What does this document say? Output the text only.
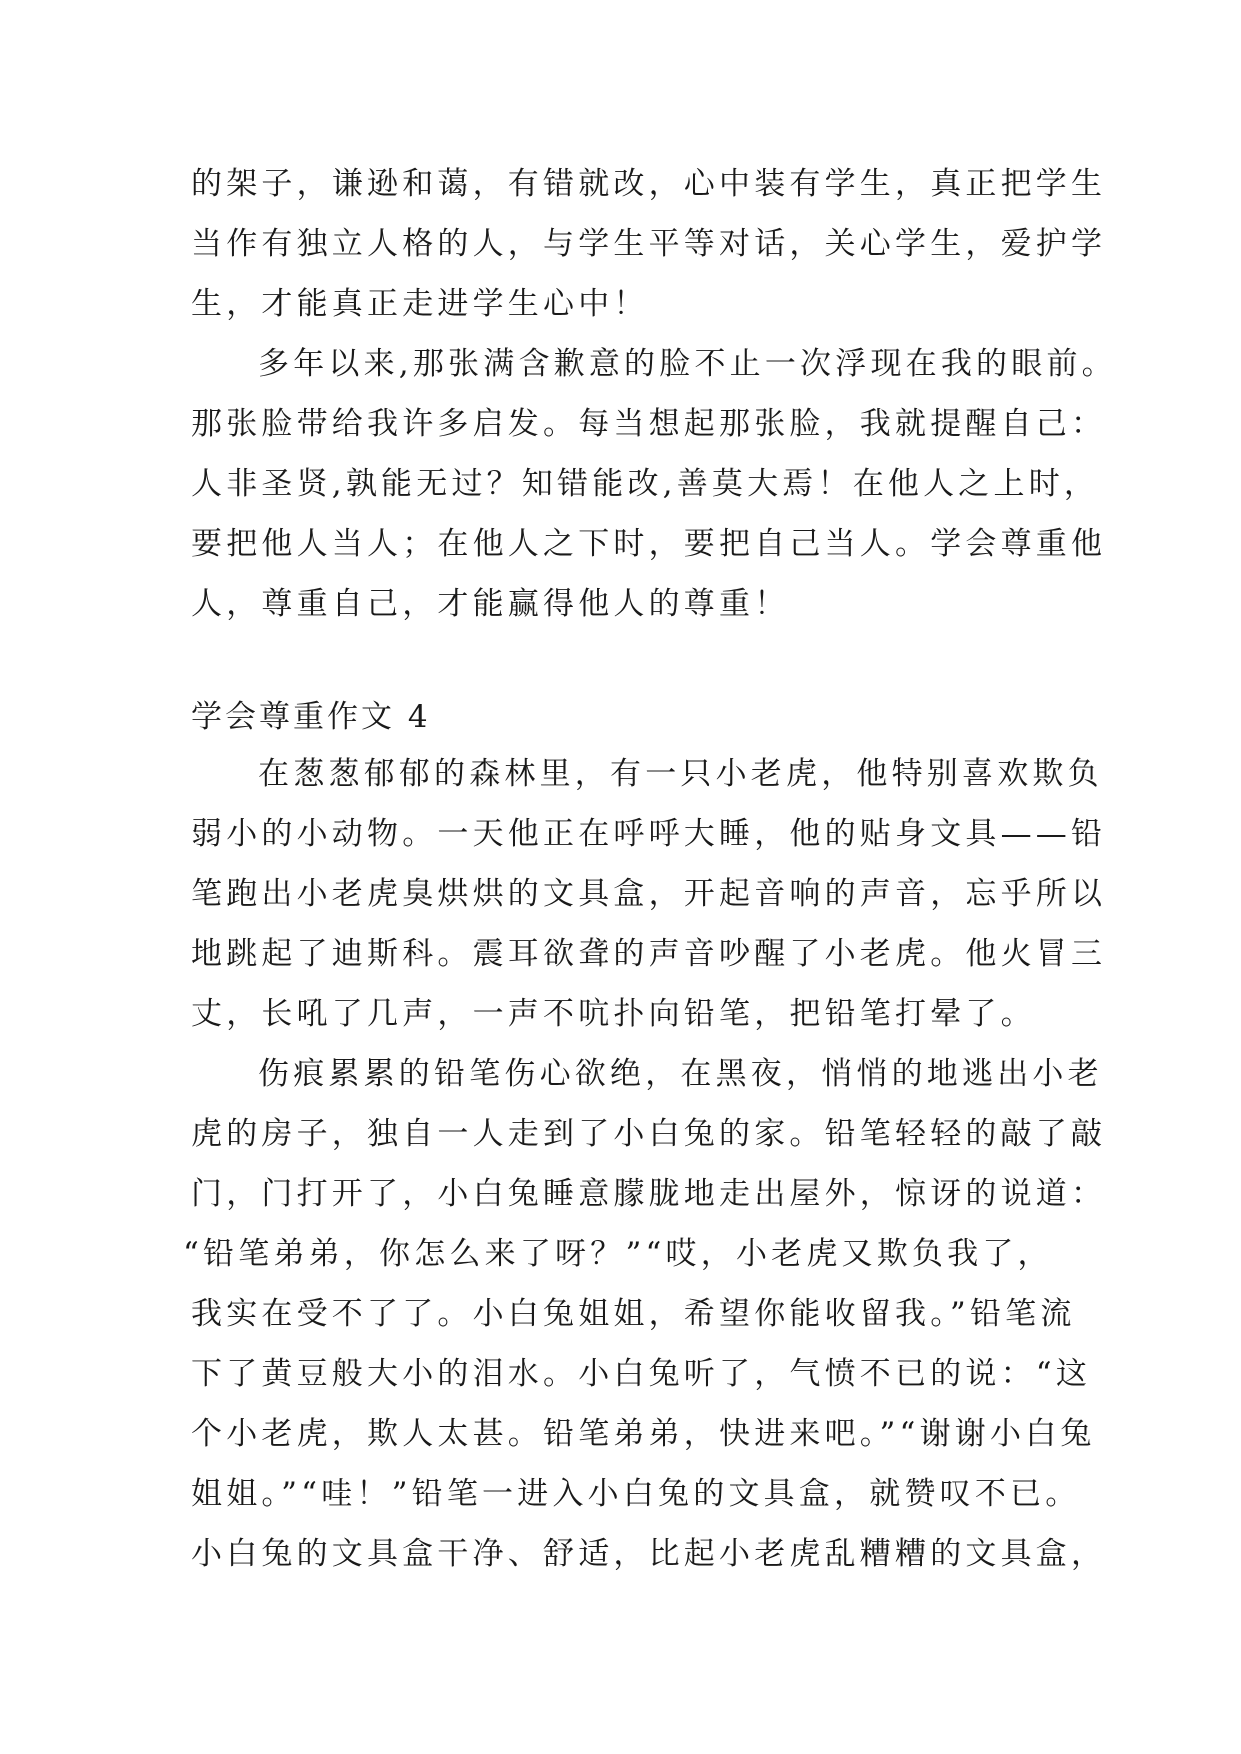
的架子，谦逊和蔼，有错就改，心中装有学生，真正把学生
当作有独立人格的人，与学生平等对话，关心学生，爱护学
生，才能真正走进学生心中！
多年以来,那张满含歉意的脸不止一次浮现在我的眼前。
那张脸带给我许多启发。每当想起那张脸，我就提醒自己：
人非圣贤,孰能无过？知错能改,善莫大焉！在他人之上时，
要把他人当人；在他人之下时，要把自己当人。学会尊重他
人，尊重自己，才能赢得他人的尊重！
学会尊重作文 4
在葱葱郁郁的森林里，有一只小老虎，他特别喜欢欺负
弱小的小动物。一天他正在呼呼大睡，他的贴身文具——铅
笔跑出小老虎臭烘烘的文具盒，开起音响的声音，忘乎所以
地跳起了迪斯科。震耳欲聋的声音吵醒了小老虎。他火冒三
丈，长吼了几声，一声不吭扑向铅笔，把铅笔打晕了。
伤痕累累的铅笔伤心欲绝，在黑夜，悄悄的地逃出小老
虎的房子，独自一人走到了小白兔的家。铅笔轻轻的敲了敲
门，门打开了，小白兔睡意朦胧地走出屋外，惊讶的说道：
“铅笔弟弟，你怎么来了呀？”“哎，小老虎又欺负我了，
我实在受不了了。小白兔姐姐，希望你能收留我。”铅笔流
下了黄豆般大小的泪水。小白兔听了，气愤不已的说：“这
个小老虎，欺人太甚。铅笔弟弟，快进来吧。”“谢谢小白兔
姐姐。”“哇！”铅笔一进入小白兔的文具盒，就赞叹不已。
小白兔的文具盒干净、舒适，比起小老虎乱糟糟的文具盒，
